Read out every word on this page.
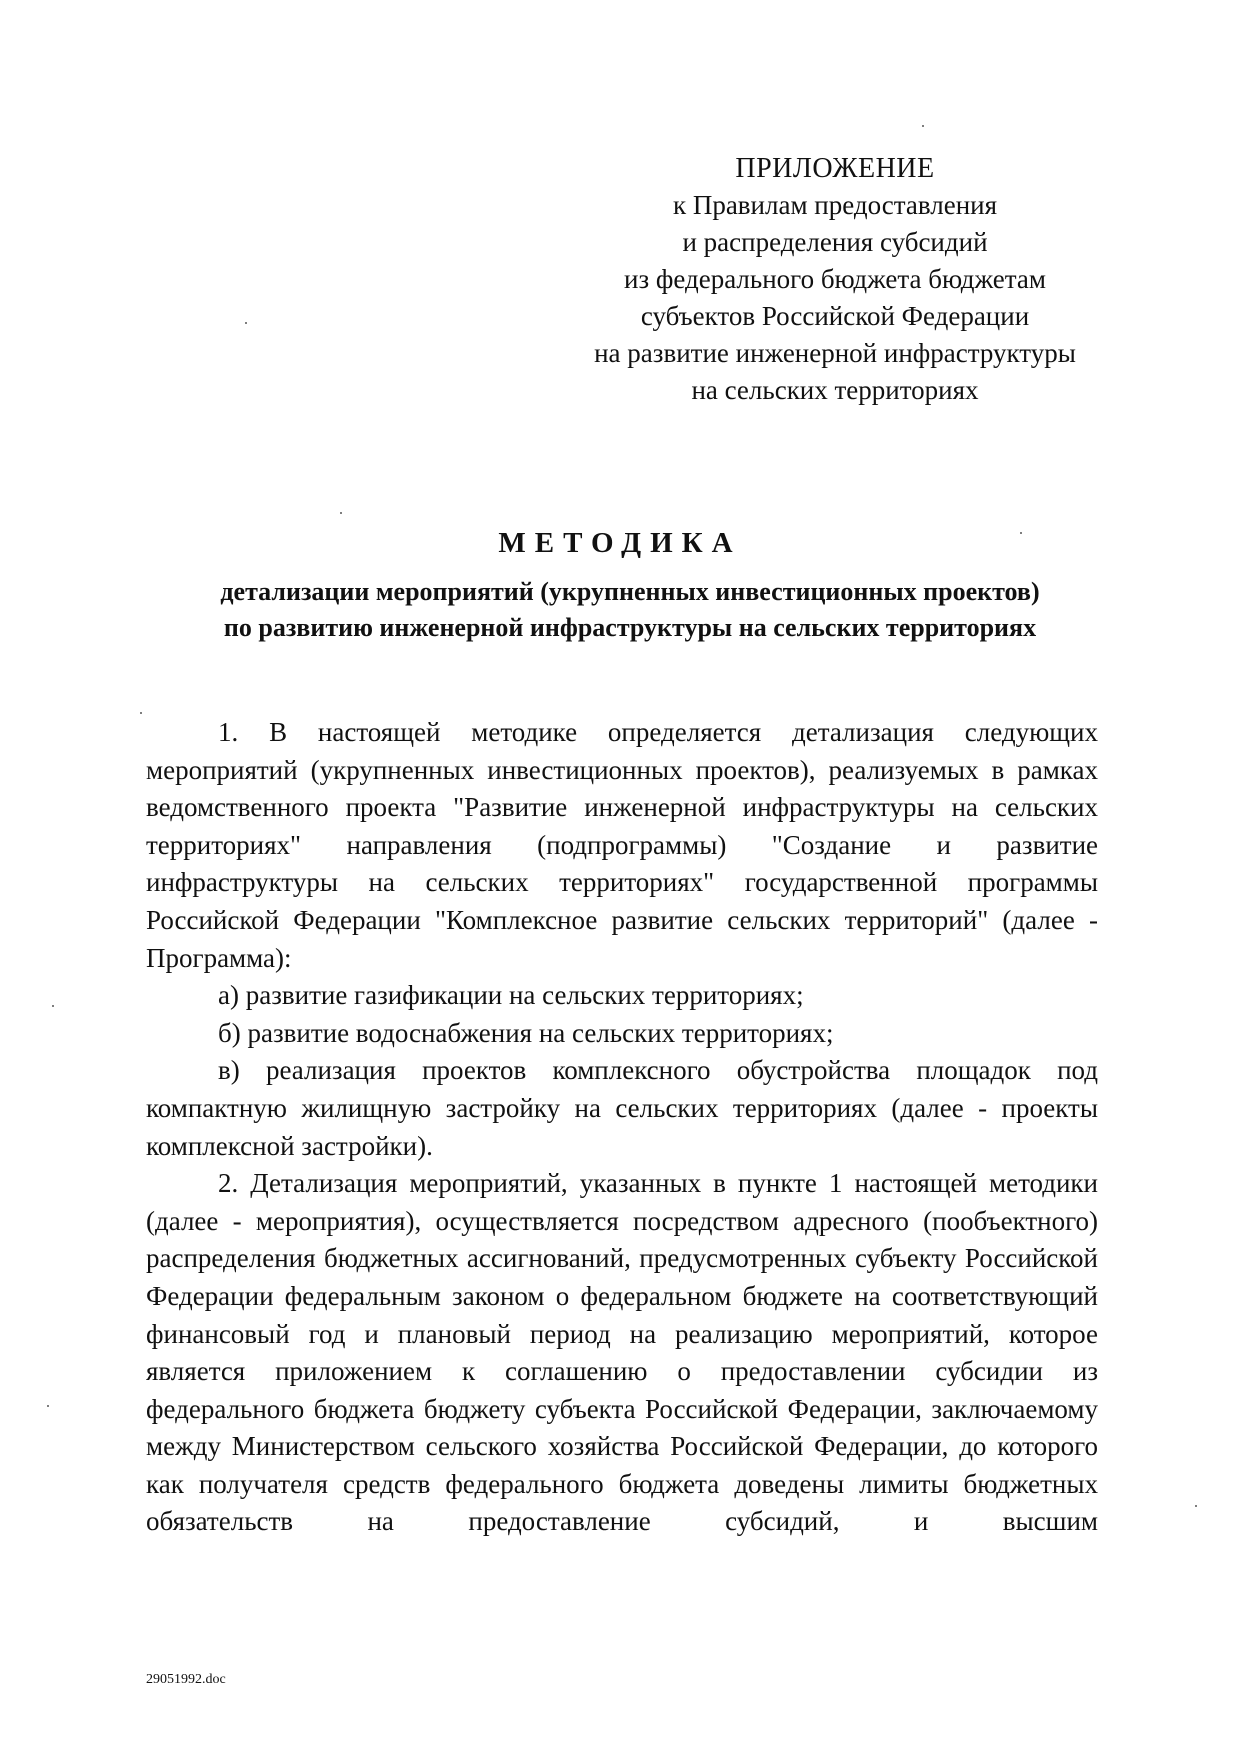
ПРИЛОЖЕНИЕ
к Правилам предоставления
и распределения субсидий
из федерального бюджета бюджетам
субъектов Российской Федерации
на развитие инженерной инфраструктуры
на сельских территориях
МЕТОДИКА
детализации мероприятий (укрупненных инвестиционных проектов)
по развитию инженерной инфраструктуры на сельских территориях

1. В настоящей методике определяется детализация следующих мероприятий (укрупненных инвестиционных проектов), реализуемых в рамках ведомственного проекта "Развитие инженерной инфраструктуры на сельских территориях" направления (подпрограммы) "Создание и развитие инфраструктуры на сельских территориях" государственной программы Российской Федерации "Комплексное развитие сельских территорий" (далее - Программа):

а) развитие газификации на сельских территориях;

б) развитие водоснабжения на сельских территориях;

в) реализация проектов комплексного обустройства площадок под компактную жилищную застройку на сельских территориях (далее - проекты комплексной застройки).

2. Детализация мероприятий, указанных в пункте 1 настоящей методики (далее - мероприятия), осуществляется посредством адресного (пообъектного) распределения бюджетных ассигнований, предусмотренных субъекту Российской Федерации федеральным законом о федеральном бюджете на соответствующий финансовый год и плановый период на реализацию мероприятий, которое является приложением к соглашению о предоставлении субсидии из федерального бюджета бюджету субъекта Российской Федерации, заключаемому между Министерством сельского хозяйства Российской Федерации, до которого как получателя средств федерального бюджета доведены лимиты бюджетных обязательств на предоставление субсидий, и высшим

29051992.doc
